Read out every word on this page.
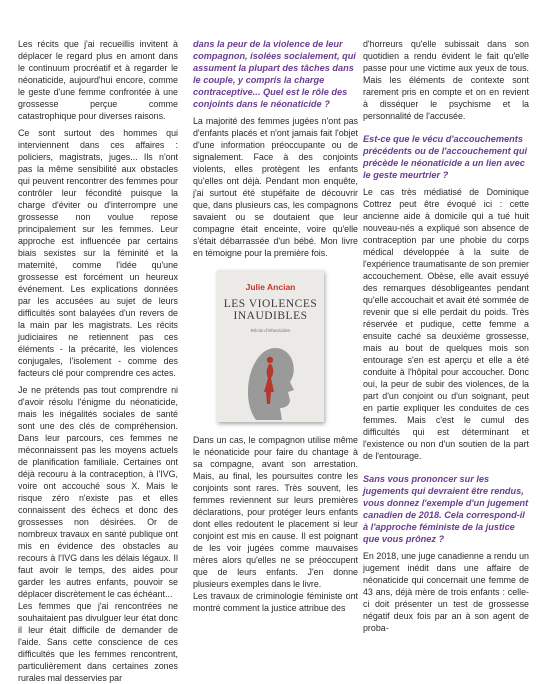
Les récits que j'ai recueillis invitent à déplacer le regard plus en amont dans le continuum procréatif et à regarder le néonaticide, aujourd'hui encore, comme le geste d'une femme confrontée à une grossesse perçue comme catastrophique pour diverses raisons.

Ce sont surtout des hommes qui interviennent dans ces affaires : policiers, magistrats, juges... Ils n'ont pas la même sensibilité aux obstacles qui peuvent rencontrer des femmes pour contrôler leur fécondité puisque la charge d'éviter ou d'interrompre une grossesse non voulue repose principalement sur les femmes. Leur approche est influencée par certains biais sexistes sur la féminité et la maternité, comme l'idée qu'une grossesse est forcément un heureux événement. Les explications données par les accusées au sujet de leurs difficultés sont balayées d'un revers de la main par les magistrats. Les récits judiciaires ne retiennent pas ces éléments - la précarité, les violences conjugales, l'isolement - comme des facteurs clé pour comprendre ces actes.

Je ne prétends pas tout comprendre ni d'avoir résolu l'énigme du néonaticide, mais les inégalités sociales de santé sont une des clés de compréhension. Dans leur parcours, ces femmes ne méconnaissent pas les moyens actuels de planification familiale. Certaines ont déjà recouru à la contraception, à l'IVG, voire ont accouché sous X. Mais le risque zéro n'existe pas et elles connaissent des échecs et donc des grossesses non désirées. Or de nombreux travaux en santé publique ont mis en évidence des obstacles au recours à l'IVG dans les délais légaux. Il faut avoir le temps, des aides pour garder les autres enfants, pouvoir se déplacer discrètement le cas échéant...

Les femmes que j'ai rencontrées ne souhaitaient pas divulguer leur état donc il leur était difficile de demander de l'aide. Sans cette conscience de ces difficultés que les femmes rencontrent, particulièrement dans certaines zones rurales mal desservies par

dans la peur de la violence de leur compagnon, isolées socialement, qui assument la plupart des tâches dans le couple, y compris la charge contraceptive... Quel est le rôle des conjoints dans le néonaticide ?

La majorité des femmes jugées n'ont pas d'enfants placés et n'ont jamais fait l'objet d'une information préoccupante ou de signalement. Face à des conjoints violents, elles protègent les enfants qu'elles ont déjà. Pendant mon enquête, j'ai surtout été stupéfaite de découvrir que, dans plusieurs cas, les compagnons savaient ou se doutaient que leur compagne était enceinte, voire qu'elle s'était débarrassée d'un bébé. Mon livre en témoigne pour la première fois.

Julie Ancian
LES VIOLENCES
INAUDIBLES
Récits d'infanticides

Dans un cas, le compagnon utilise même le néonaticide pour faire du chantage à sa compagne, avant son arrestation. Mais, au final, les poursuites contre les conjoints sont rares. Très souvent, les femmes reviennent sur leurs premières déclarations, pour protéger leurs enfants dont elles redoutent le placement si leur conjoint est mis en cause. Il est poignant de les voir jugées comme mauvaises mères alors qu'elles ne se préoccupent que de leurs enfants. J'en donne plusieurs exemples dans le livre.

Les travaux de criminologie féministe ont montré comment la justice attribue des

d'horreurs qu'elle subissait dans son quotidien a rendu évident le fait qu'elle passe pour une victime aux yeux de tous. Mais les éléments de contexte sont rarement pris en compte et on en revient à disséquer le psychisme et la personnalité de l'accusée.

Est-ce que le vécu d'accouchements précédents ou de l'accouchement qui précède le néonaticide a un lien avec le geste meurtrier ?

Le cas très médiatisé de Dominique Cottrez peut être évoqué ici : cette ancienne aide à domicile qui a tué huit nouveau-nés a expliqué son absence de contraception par une phobie du corps médical développée à la suite de l'expérience traumatisante de son premier accouchement. Obèse, elle avait essuyé des remarques désobligeantes pendant qu'elle accouchait et avait été sommée de revenir que si elle perdait du poids. Très réservée et pudique, cette femme a ensuite caché sa deuxième grossesse, mais au bout de quelques mois son entourage s'en est aperçu et elle a été conduite à l'hôpital pour accoucher. Donc oui, la peur de subir des violences, de la part d'un conjoint ou d'un soignant, peut en partie expliquer les conduites de ces femmes. Mais c'est le cumul des difficultés qui est déterminant et l'existence ou non d'un soutien de la part de l'entourage.

Sans vous prononcer sur les jugements qui devraient être rendus, vous donnez l'exemple d'un jugement canadien de 2018. Cela correspond-il à l'approche féministe de la justice que vous prônez ?

En 2018, une juge canadienne a rendu un jugement inédit dans une affaire de néonaticide qui concernait une femme de 43 ans, déjà mère de trois enfants : celle-ci doit présenter un test de grossesse négatif deux fois par an à son agent de proba-
